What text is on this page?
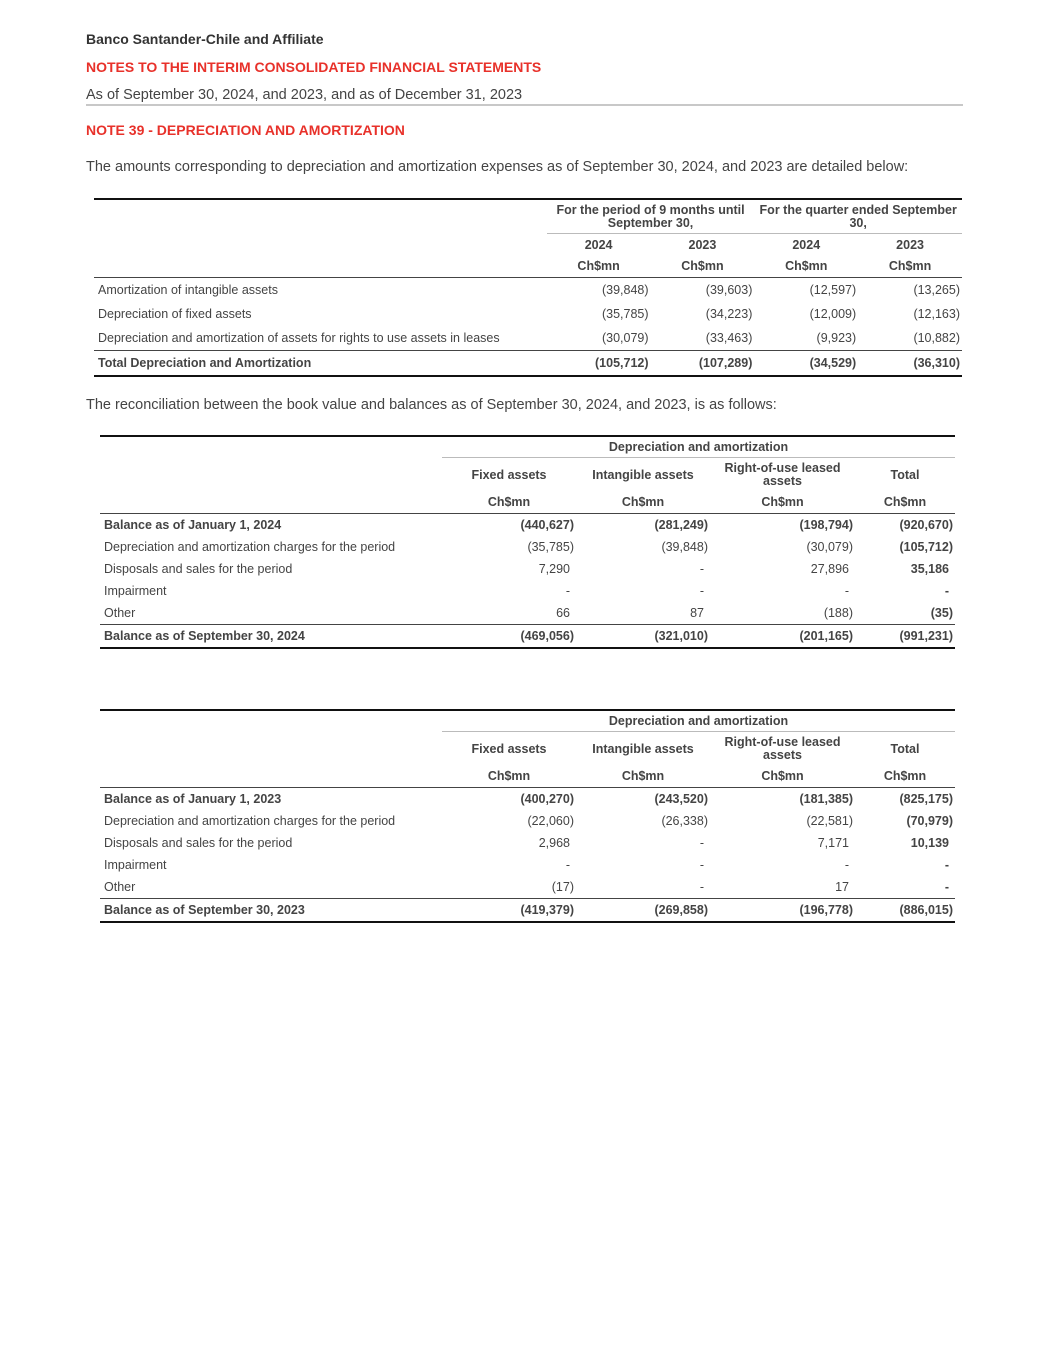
Banco Santander-Chile and Affiliate
NOTES TO THE INTERIM CONSOLIDATED FINANCIAL STATEMENTS
As of September 30, 2024, and 2023, and as of December 31, 2023
NOTE 39 - DEPRECIATION AND AMORTIZATION
The amounts corresponding to depreciation and amortization expenses as of September 30, 2024, and 2023 are detailed below:
	For the period of 9 months until September 30,		For the quarter ended September 30,	
	2024	2023	2024	2023
	Ch$mn	Ch$mn	Ch$mn	Ch$mn
Amortization of intangible assets	(39,848)	(39,603)	(12,597)	(13,265)
Depreciation of fixed assets	(35,785)	(34,223)	(12,009)	(12,163)
Depreciation and amortization of assets for rights to use assets in leases	(30,079)	(33,463)	(9,923)	(10,882)
Total Depreciation and Amortization	(105,712)	(107,289)	(34,529)	(36,310)
The reconciliation between the book value and balances as of September 30, 2024, and 2023, is as follows:
	Depreciation and amortization			
	Fixed assets	Intangible assets	Right-of-use leased assets	Total
	Ch$mn	Ch$mn	Ch$mn	Ch$mn
Balance as of January 1, 2024	(440,627)	(281,249)	(198,794)	(920,670)
Depreciation and amortization charges for the period	(35,785)	(39,848)	(30,079)	(105,712)
Disposals and sales for the period	7,290	-	27,896	35,186
Impairment	-	-	-	-
Other	66	87	(188)	(35)
Balance as of September 30, 2024	(469,056)	(321,010)	(201,165)	(991,231)
	Depreciation and amortization			
	Fixed assets	Intangible assets	Right-of-use leased assets	Total
	Ch$mn	Ch$mn	Ch$mn	Ch$mn
Balance as of January 1, 2023	(400,270)	(243,520)	(181,385)	(825,175)
Depreciation and amortization charges for the period	(22,060)	(26,338)	(22,581)	(70,979)
Disposals and sales for the period	2,968	-	7,171	10,139
Impairment	-	-	-	-
Other	(17)	-	17	-
Balance as of September 30, 2023	(419,379)	(269,858)	(196,778)	(886,015)
